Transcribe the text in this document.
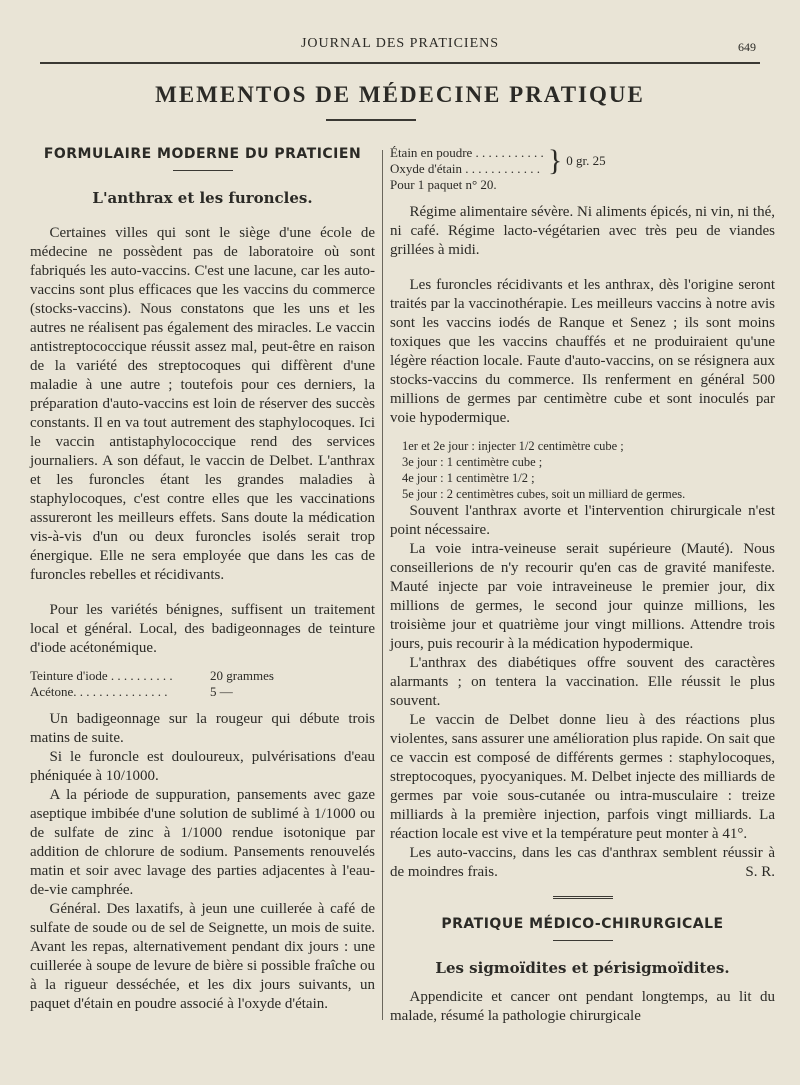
JOURNAL DES PRATICIENS	649
MEMENTOS DE MÉDECINE PRATIQUE
FORMULAIRE MODERNE DU PRATICIEN
L'anthrax et les furoncles.

Certaines villes qui sont le siège d'une école de médecine ne possèdent pas de laboratoire où sont fabriqués les auto-vaccins. C'est une lacune, car les auto-vaccins sont plus efficaces que les vaccins du commerce (stocks-vaccins). Nous constatons que les uns et les autres ne réalisent pas également des miracles. Le vaccin antistreptococcique réussit assez mal, peut-être en raison de la variété des streptocoques qui diffèrent d'une maladie à une autre ; toutefois pour ces derniers, la préparation d'auto-vaccins est loin de réserver des succès constants. Il en va tout autrement des staphylocoques. Ici le vaccin antistaphylococcique rend des services journaliers. A son défaut, le vaccin de Delbet. L'anthrax et les furoncles étant les grandes maladies à staphylocoques, c'est contre elles que les vaccinations assureront les meilleurs effets. Sans doute la médication vis-à-vis d'un ou deux furoncles isolés serait trop énergique. Elle ne sera employée que dans les cas de furoncles rebelles et récidivants.

Pour les variétés bénignes, suffisent un traitement local et général. Local, des badigeonnages de teinture d'iode acétonémique.

Teinture d'iode . . . . . . . . . .	20 grammes
Acétone. . . . . . . . . . . . . . .	5 —

Un badigeonnage sur la rougeur qui débute trois matins de suite.

Si le furoncle est douloureux, pulvérisations d'eau phéniquée à 10/1000.

A la période de suppuration, pansements avec gaze aseptique imbibée d'une solution de sublimé à 1/1000 ou de sulfate de zinc à 1/1000 rendue isotonique par addition de chlorure de sodium. Pansements renouvelés matin et soir avec lavage des parties adjacentes à l'eau-de-vie camphrée.

Général. Des laxatifs, à jeun une cuillerée à café de sulfate de soude ou de sel de Seignette, un mois de suite. Avant les repas, alternativement pendant dix jours : une cuillerée à soupe de levure de bière si possible fraîche ou à la rigueur desséchée, et les dix jours suivants, un paquet d'étain en poudre associé à l'oxyde d'étain.

Étain en poudre . . . . . . . . . . .
Oxyde d'étain . . . . . . . . . . . . } 0 gr. 25
Pour 1 paquet n° 20.

Régime alimentaire sévère. Ni aliments épicés, ni vin, ni thé, ni café. Régime lacto-végétarien avec très peu de viandes grillées à midi.

Les furoncles récidivants et les anthrax, dès l'origine seront traités par la vaccinothérapie. Les meilleurs vaccins à notre avis sont les vaccins iodés de Ranque et Senez ; ils sont moins toxiques que les vaccins chauffés et ne produiraient qu'une légère réaction locale. Faute d'auto-vaccins, on se résignera aux stocks-vaccins du commerce. Ils renferment en général 500 millions de germes par centimètre cube et sont inoculés par voie hypodermique.

1er et 2e jour : injecter 1/2 centimètre cube ;
3e jour : 1 centimètre cube ;
4e jour : 1 centimètre 1/2 ;
5e jour : 2 centimètres cubes, soit un milliard de germes.

Souvent l'anthrax avorte et l'intervention chirurgicale n'est point nécessaire.

La voie intra-veineuse serait supérieure (Mauté). Nous conseillerions de n'y recourir qu'en cas de gravité manifeste. Mauté injecte par voie intraveineuse le premier jour, dix millions de germes, le second jour quinze millions, les troisième jour et quatrième jour vingt millions. Attendre trois jours, puis recourir à la médication hypodermique.

L'anthrax des diabétiques offre souvent des caractères alarmants ; on tentera la vaccination. Elle réussit le plus souvent.

Le vaccin de Delbet donne lieu à des réactions plus violentes, sans assurer une amélioration plus rapide. On sait que ce vaccin est composé de différents germes : staphylocoques, streptocoques, pyocyaniques. M. Delbet injecte des milliards de germes par voie sous-cutanée ou intra-musculaire : treize milliards à la première injection, parfois vingt milliards. La réaction locale est vive et la température peut monter à 41°.

Les auto-vaccins, dans les cas d'anthrax semblent réussir à de moindres frais.	S. R.

PRATIQUE MÉDICO-CHIRURGICALE
Les sigmoïdites et périsigmoïdites.

Appendicite et cancer ont pendant longtemps, au lit du malade, résumé la pathologie chirurgicale
